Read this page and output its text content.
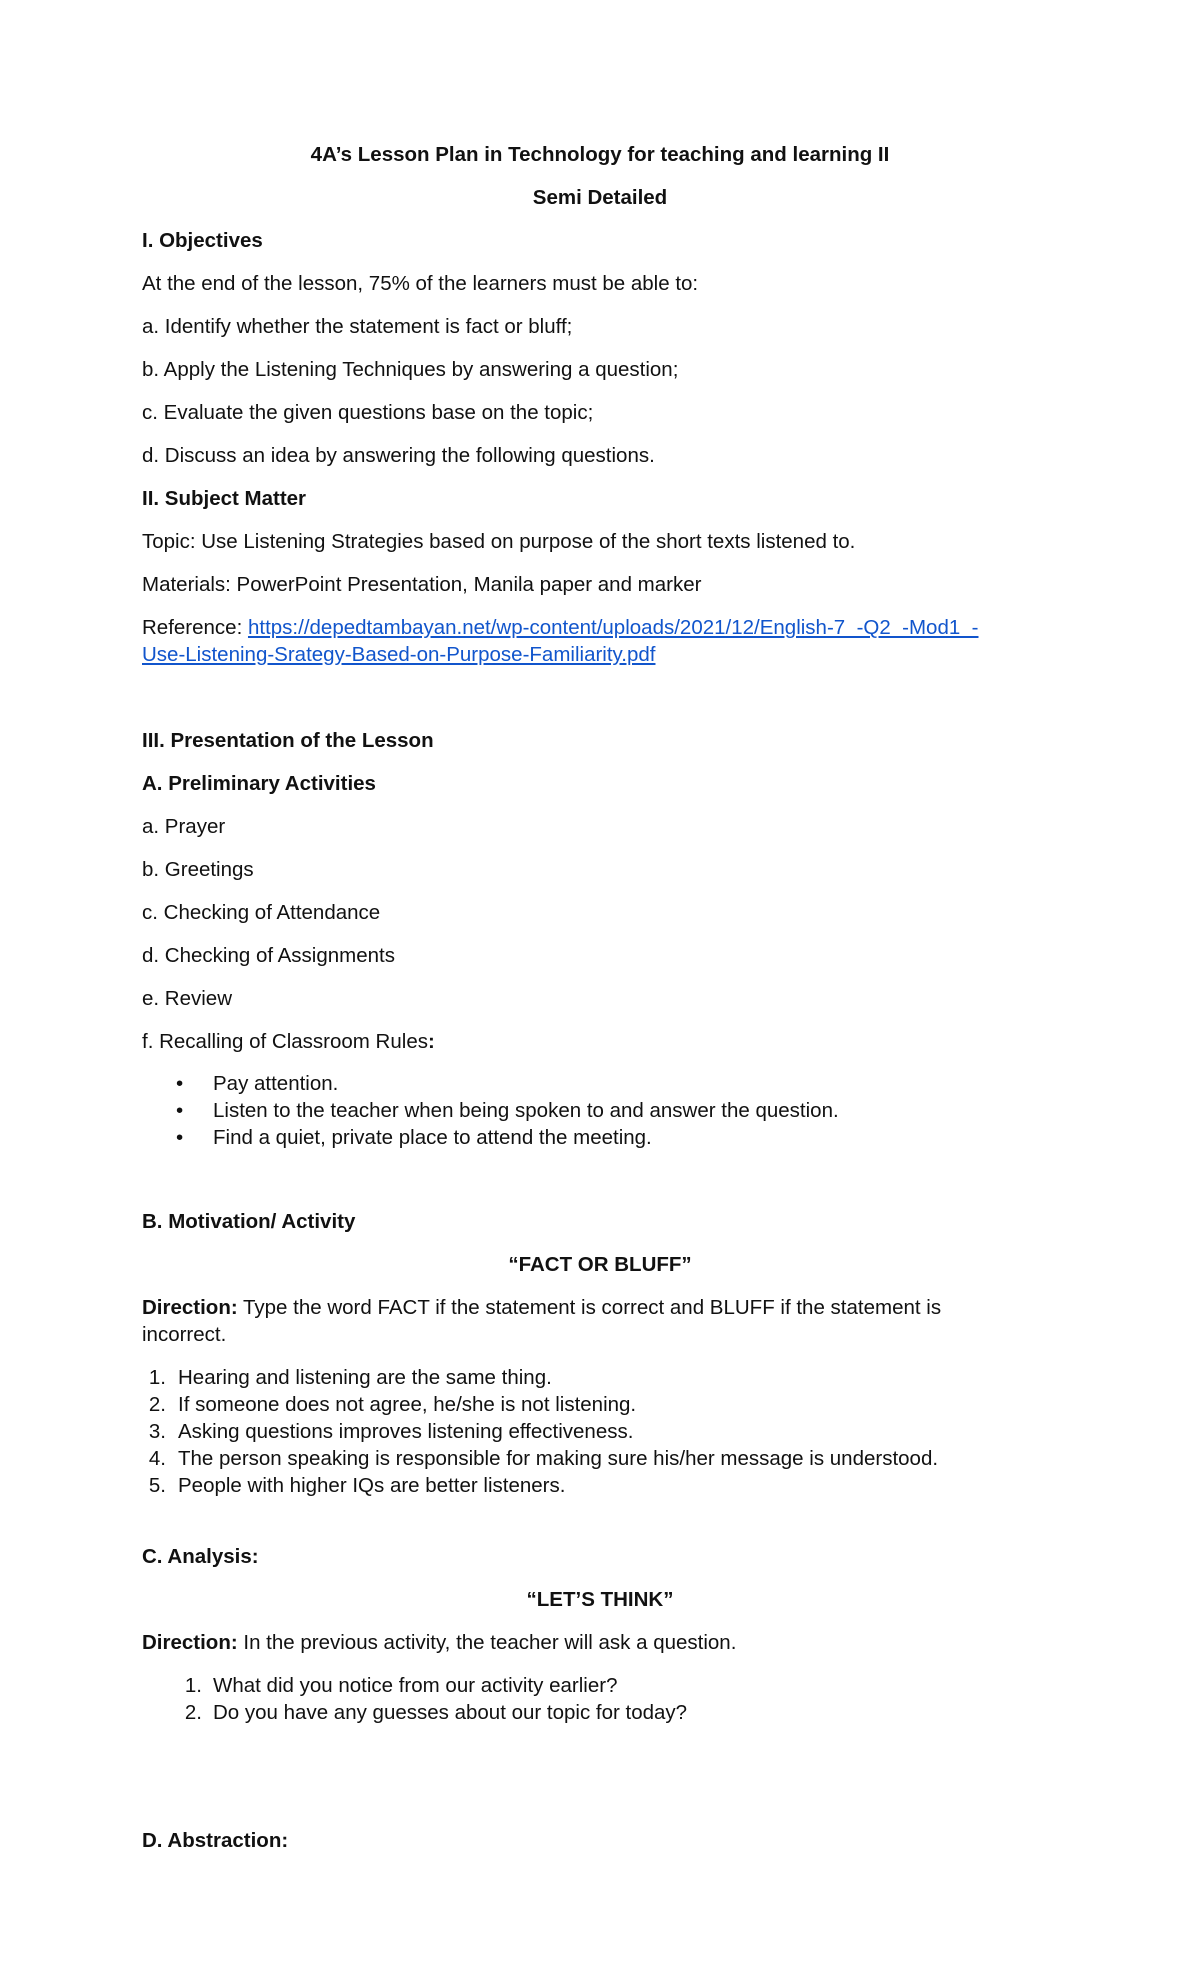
4A’s Lesson Plan in Technology for teaching and learning II
Semi Detailed
I. Objectives
At the end of the lesson, 75% of the learners must be able to:
a. Identify whether the statement is fact or bluff;
b. Apply the Listening Techniques by answering a question;
c. Evaluate the given questions base on the topic;
d. Discuss an idea by answering the following questions.
II. Subject Matter
Topic: Use Listening Strategies based on purpose of the short texts listened to.
Materials: PowerPoint Presentation, Manila paper and marker
Reference: https://depedtambayan.net/wp-content/uploads/2021/12/English-7_-Q2_-Mod1_-
Use-Listening-Srategy-Based-on-Purpose-Familiarity.pdf
III. Presentation of the Lesson
A. Preliminary Activities
a. Prayer
b. Greetings
c. Checking of Attendance
d. Checking of Assignments
e. Review
f. Recalling of Classroom Rules:
• Pay attention.
• Listen to the teacher when being spoken to and answer the question.
• Find a quiet, private place to attend the meeting.
B. Motivation/ Activity
“FACT OR BLUFF”
Direction: Type the word FACT if the statement is correct and BLUFF if the statement is
incorrect.
1. Hearing and listening are the same thing.
2. If someone does not agree, he/she is not listening.
3. Asking questions improves listening effectiveness.
4. The person speaking is responsible for making sure his/her message is understood.
5. People with higher IQs are better listeners.
C. Analysis:
“LET’S THINK”
Direction: In the previous activity, the teacher will ask a question.
1. What did you notice from our activity earlier?
2. Do you have any guesses about our topic for today?
D. Abstraction:
